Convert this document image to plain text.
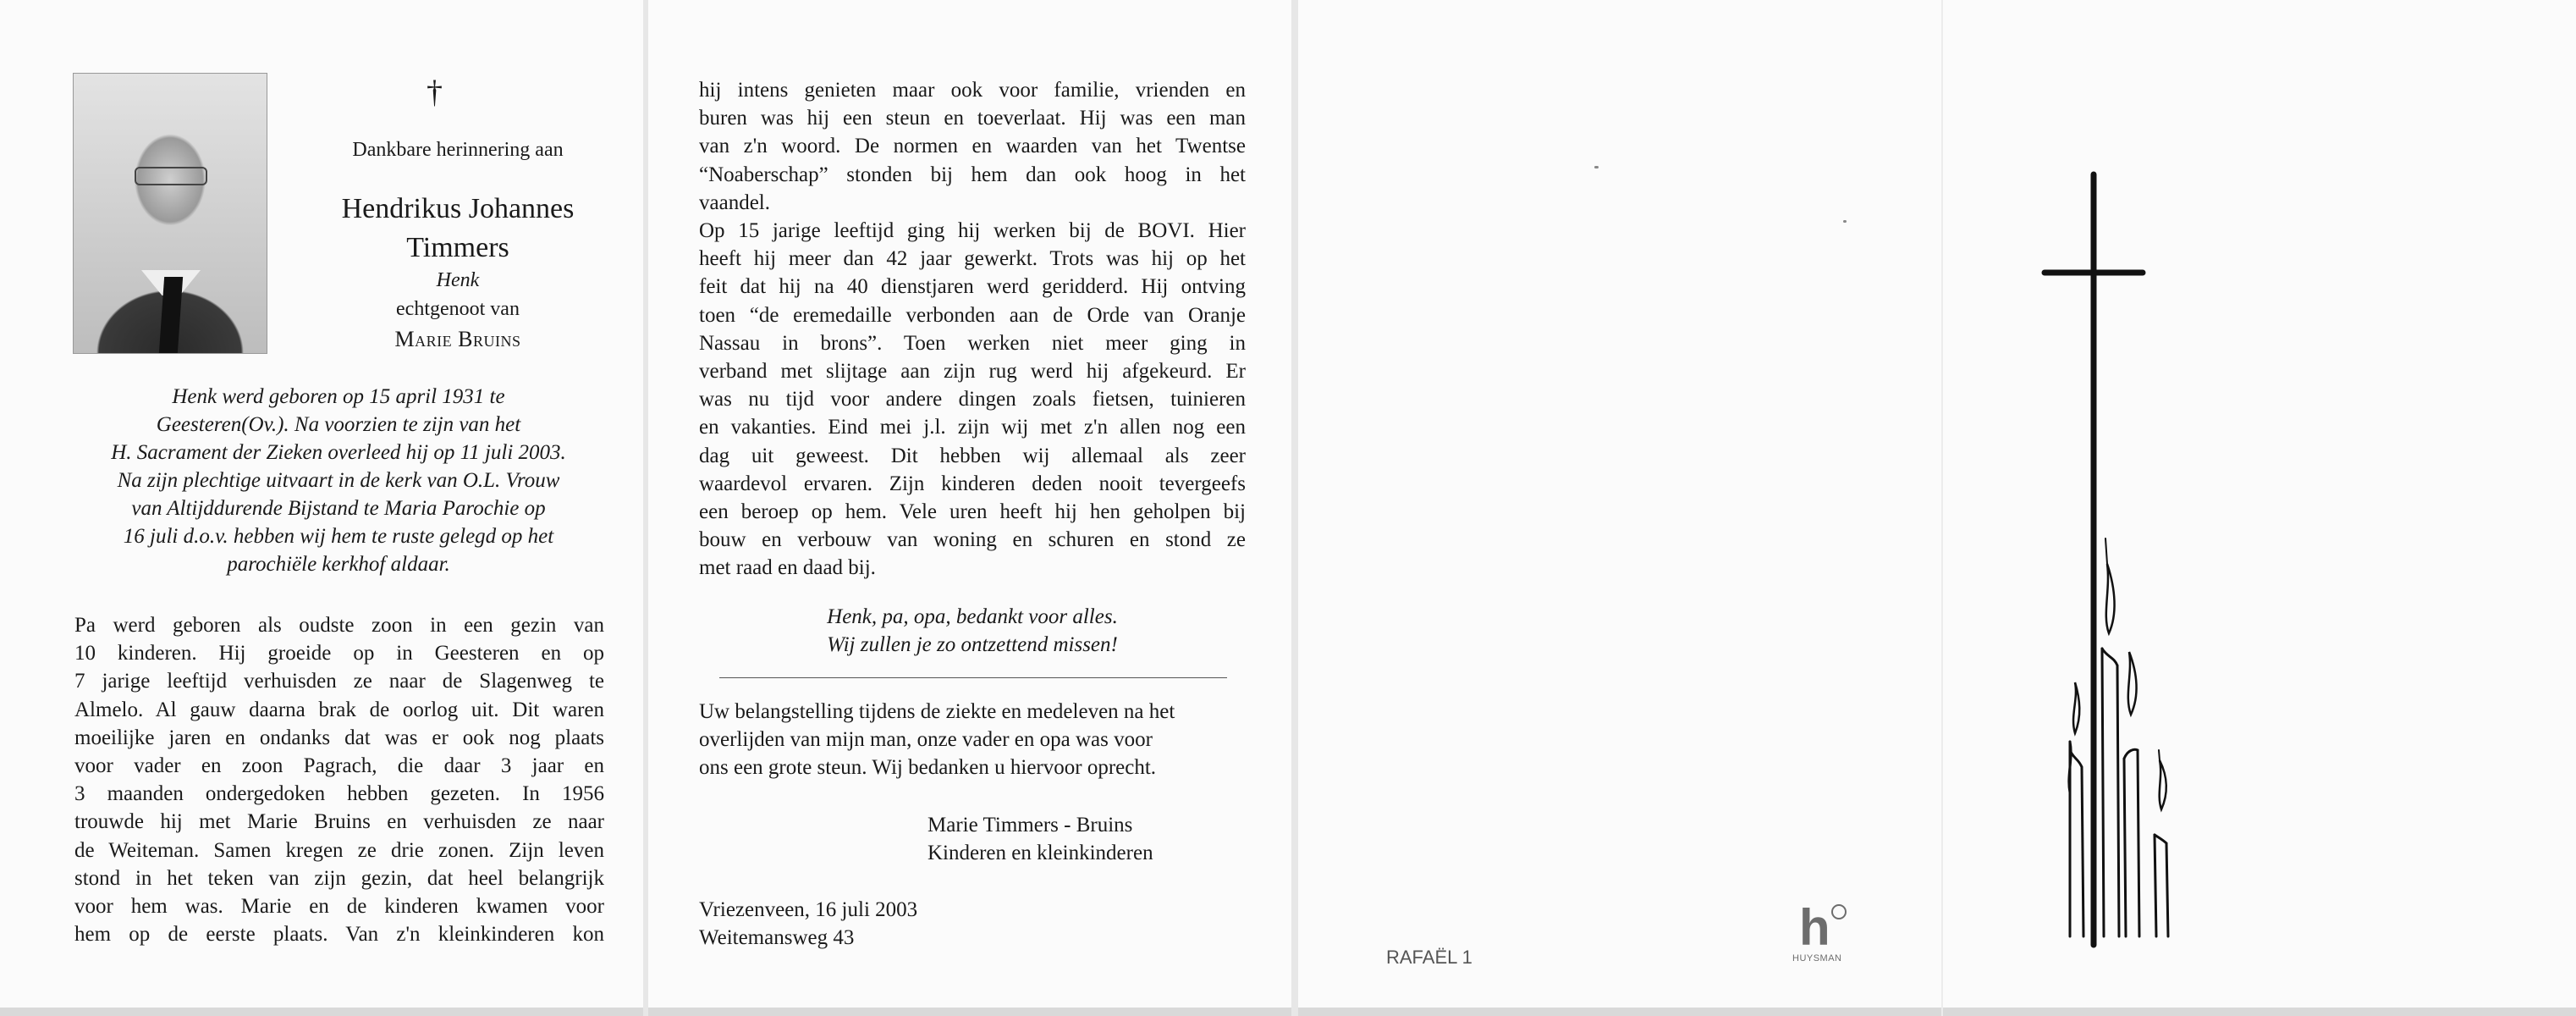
†
Dankbare herinnering aan
Hendrikus Johannes
Timmers
Henk
echtgenoot van
Marie Bruins
Henk werd geboren op 15 april 1931 te
Geesteren(Ov.). Na voorzien te zijn van het
H. Sacrament der Zieken overleed hij op 11 juli 2003.
Na zijn plechtige uitvaart in de kerk van O.L. Vrouw
van Altijddurende Bijstand te Maria Parochie op
16 juli d.o.v. hebben wij hem te ruste gelegd op het
parochiële kerkhof aldaar.
Pa werd geboren als oudste zoon in een gezin van
10 kinderen. Hij groeide op in Geesteren en op
7 jarige leeftijd verhuisden ze naar de Slagenweg te
Almelo. Al gauw daarna brak de oorlog uit. Dit waren
moeilijke jaren en ondanks dat was er ook nog plaats
voor vader en zoon Pagrach, die daar 3 jaar en
3 maanden ondergedoken hebben gezeten. In 1956
trouwde hij met Marie Bruins en verhuisden ze naar
de Weiteman. Samen kregen ze drie zonen. Zijn leven
stond in het teken van zijn gezin, dat heel belangrijk
voor hem was. Marie en de kinderen kwamen voor
hem op de eerste plaats. Van z'n kleinkinderen kon
hij intens genieten maar ook voor familie, vrienden en
buren was hij een steun en toeverlaat. Hij was een man
van z'n woord. De normen en waarden van het Twentse
“Noaberschap” stonden bij hem dan ook hoog in het
vaandel.
Op 15 jarige leeftijd ging hij werken bij de BOVI. Hier
heeft hij meer dan 42 jaar gewerkt. Trots was hij op het
feit dat hij na 40 dienstjaren werd geridderd. Hij ontving
toen “de eremedaille verbonden aan de Orde van Oranje
Nassau in brons”. Toen werken niet meer ging in
verband met slijtage aan zijn rug werd hij afgekeurd. Er
was nu tijd voor andere dingen zoals fietsen, tuinieren
en vakanties. Eind mei j.l. zijn wij met z'n allen nog een
dag uit geweest. Dit hebben wij allemaal als zeer
waardevol ervaren. Zijn kinderen deden nooit tevergeefs
een beroep op hem. Vele uren heeft hij hen geholpen bij
bouw en verbouw van woning en schuren en stond ze
met raad en daad bij.
Henk, pa, opa, bedankt voor alles.
Wij zullen je zo ontzettend missen!
Uw belangstelling tijdens de ziekte en medeleven na het
overlijden van mijn man, onze vader en opa was voor
ons een grote steun. Wij bedanken u hiervoor oprecht.
Marie Timmers - Bruins
Kinderen en kleinkinderen
Vriezenveen, 16 juli 2003
Weitemansweg 43
RAFAËL 1
h
HUYSMAN
